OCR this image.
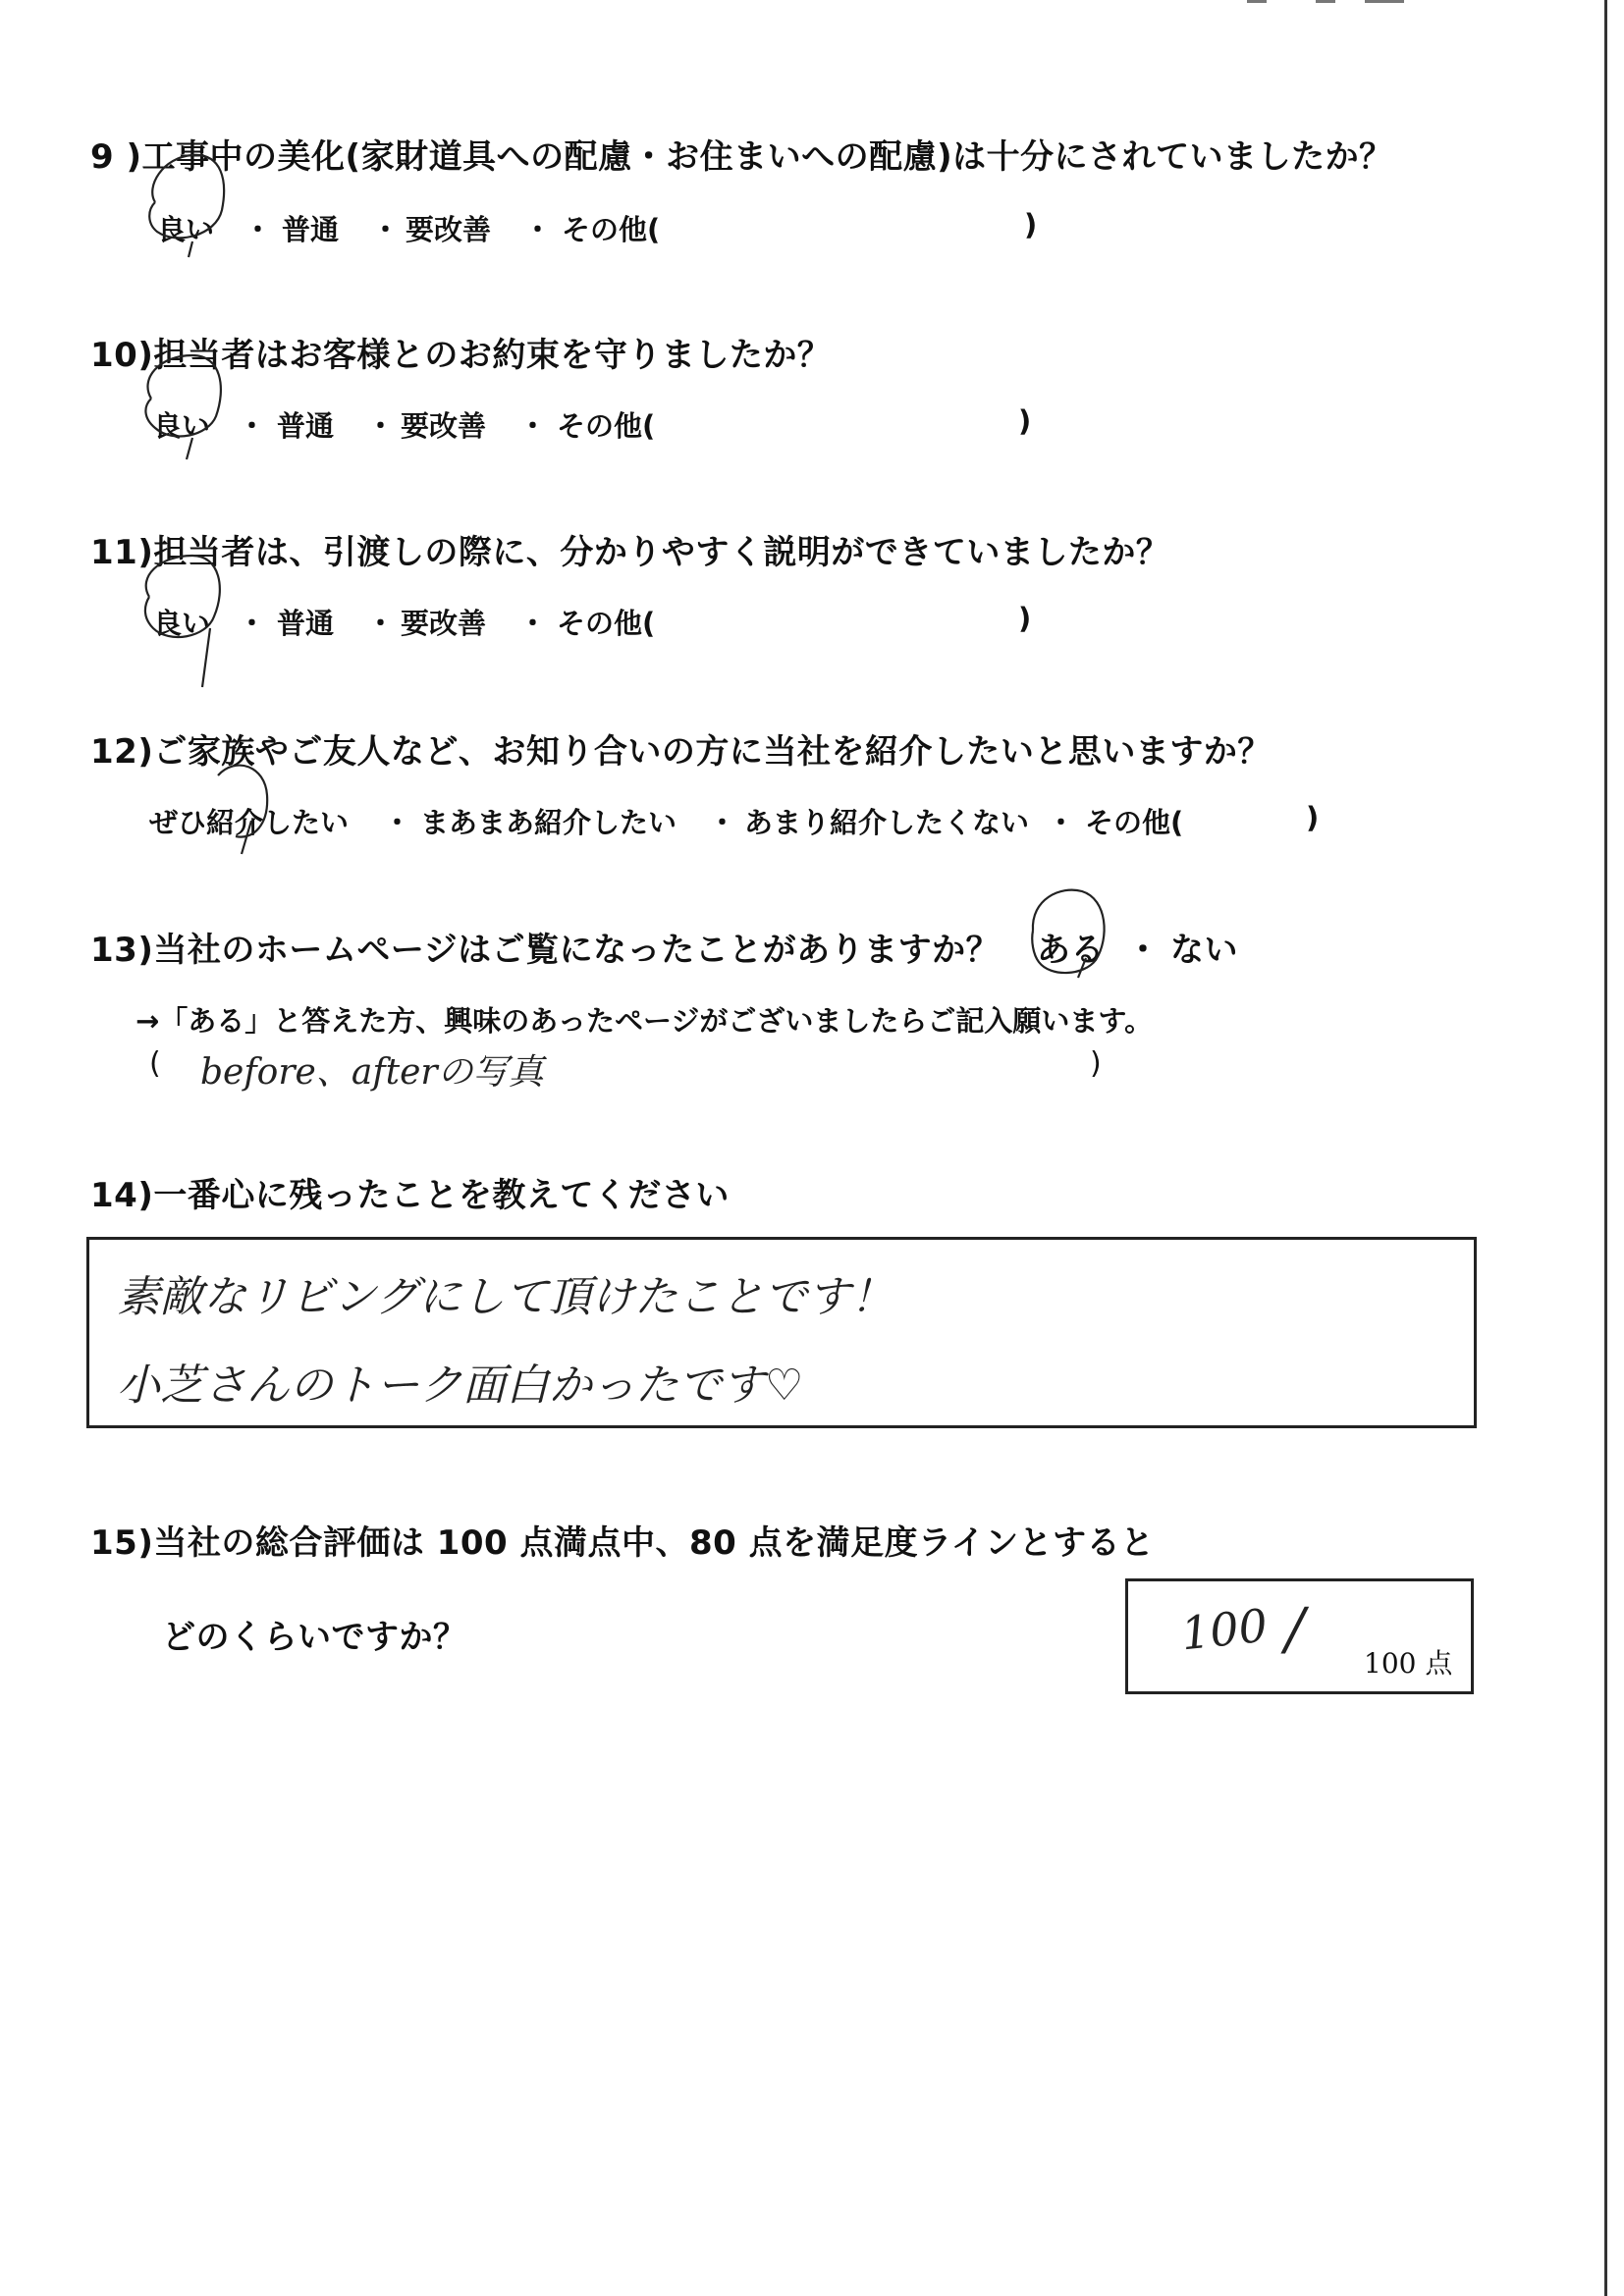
9 )工事中の美化(家財道具への配慮・お住まいへの配慮)は十分にされていましたか？
良い ・ 普通 ・ 要改善 ・ その他(	)
10)担当者はお客様とのお約束を守りましたか？
良い ・ 普通 ・ 要改善 ・ その他(	)
11)担当者は、引渡しの際に、分かりやすく説明ができていましたか？
良い ・ 普通 ・ 要改善 ・ その他(	)
12)ご家族やご友人など、お知り合いの方に当社を紹介したいと思いますか？
ぜひ紹介したい ・ まあまあ紹介したい ・ あまり紹介したくない ・ その他(	)
13)当社のホームページはご覧になったことがありますか？ ある ・ ない
→「ある」と答えた方、興味のあったページがございましたらご記入願います。
( before、afterの写真	)
14)一番心に残ったことを教えてください
素敵なリビングにして頂けたことです！
小芝さんのトーク面白かったです♡
15)当社の総合評価は 100 点満点中、80 点を満足度ラインとすると
どのくらいですか？	100 /
100 点
